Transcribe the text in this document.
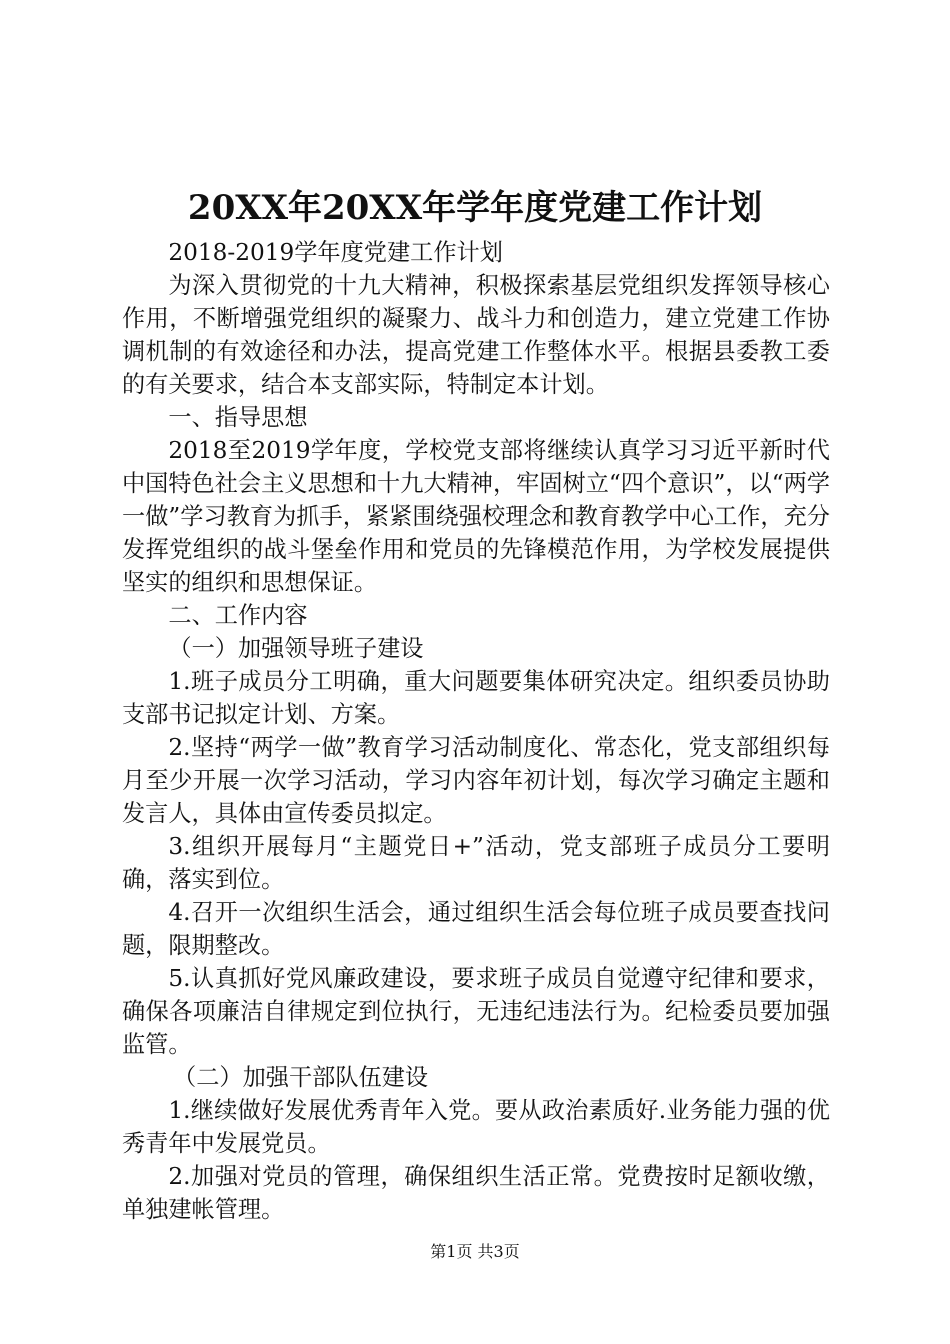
20XX年20XX年学年度党建工作计划

2018-2019学年度党建工作计划

为深入贯彻党的十九大精神，积极探索基层党组织发挥领导核心作用，不断增强党组织的凝聚力、战斗力和创造力，建立党建工作协调机制的有效途径和办法，提高党建工作整体水平。根据县委教工委的有关要求，结合本支部实际，特制定本计划。

一、指导思想

2018至2019学年度，学校党支部将继续认真学习习近平新时代中国特色社会主义思想和十九大精神，牢固树立“四个意识”，以“两学一做”学习教育为抓手，紧紧围绕强校理念和教育教学中心工作，充分发挥党组织的战斗堡垒作用和党员的先锋模范作用，为学校发展提供坚实的组织和思想保证。

二、工作内容

（一）加强领导班子建设

1.班子成员分工明确，重大问题要集体研究决定。组织委员协助支部书记拟定计划、方案。

2.坚持“两学一做”教育学习活动制度化、常态化，党支部组织每月至少开展一次学习活动，学习内容年初计划，每次学习确定主题和发言人，具体由宣传委员拟定。

3.组织开展每月“主题党日+”活动，党支部班子成员分工要明确，落实到位。

4.召开一次组织生活会，通过组织生活会每位班子成员要查找问题，限期整改。

5.认真抓好党风廉政建设，要求班子成员自觉遵守纪律和要求，确保各项廉洁自律规定到位执行，无违纪违法行为。纪检委员要加强监管。

（二）加强干部队伍建设

1.继续做好发展优秀青年入党。要从政治素质好.业务能力强的优秀青年中发展党员。

2.加强对党员的管理，确保组织生活正常。党费按时足额收缴，单独建帐管理。

第1页 共3页
